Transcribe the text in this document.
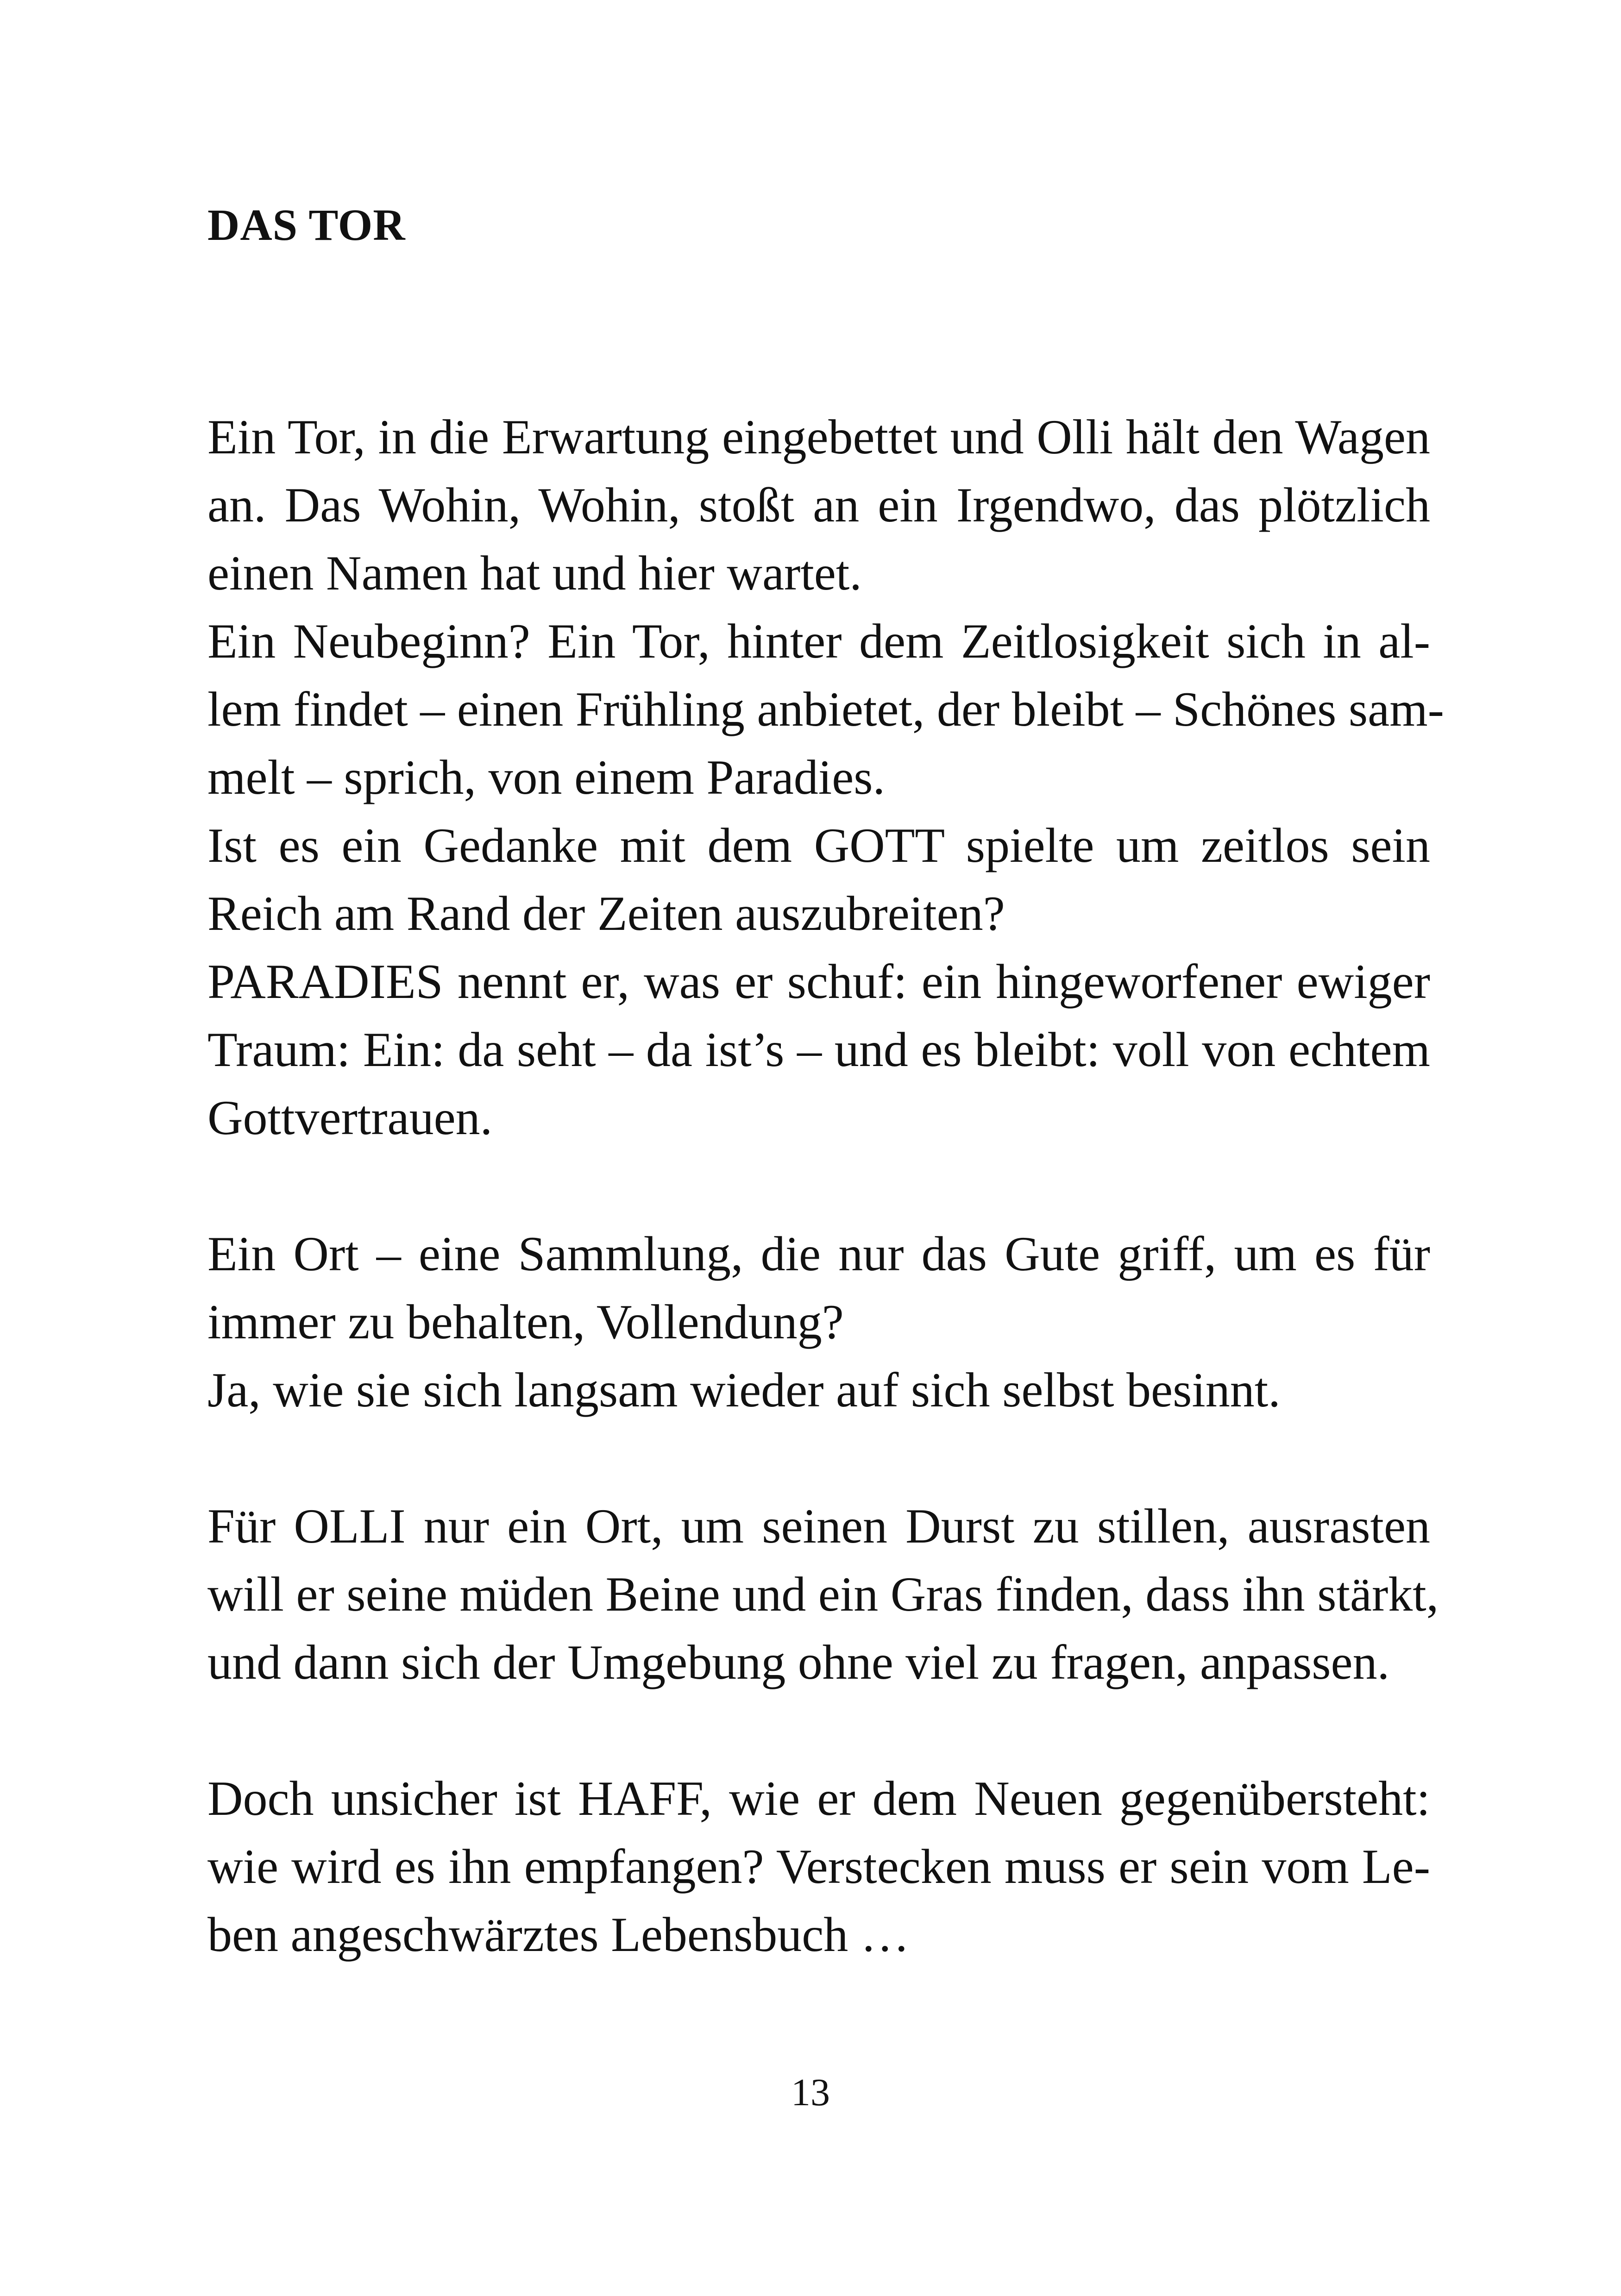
DAS TOR
Ein Tor, in die Erwartung eingebettet und Olli hält den Wagen
an. Das Wohin, Wohin, stoßt an ein Irgendwo, das plötzlich
einen Namen hat und hier wartet.
Ein Neubeginn? Ein Tor, hinter dem Zeitlosigkeit sich in al-
lem findet – einen Frühling anbietet, der bleibt – Schönes sam-
melt – sprich, von einem Paradies.
Ist es ein Gedanke mit dem GOTT spielte um zeitlos sein
Reich am Rand der Zeiten auszubreiten?
PARADIES nennt er, was er schuf: ein hingeworfener ewiger
Traum: Ein: da seht – da ist’s – und es bleibt: voll von echtem
Gottvertrauen.
Ein Ort – eine Sammlung, die nur das Gute griff, um es für
immer zu behalten, Vollendung?
Ja, wie sie sich langsam wieder auf sich selbst besinnt.
Für OLLI nur ein Ort, um seinen Durst zu stillen, ausrasten
will er seine müden Beine und ein Gras finden, dass ihn stärkt,
und dann sich der Umgebung ohne viel zu fragen, anpassen.
Doch unsicher ist HAFF, wie er dem Neuen gegenübersteht:
wie wird es ihn empfangen? Verstecken muss er sein vom Le-
ben angeschwärztes Lebensbuch …
13
